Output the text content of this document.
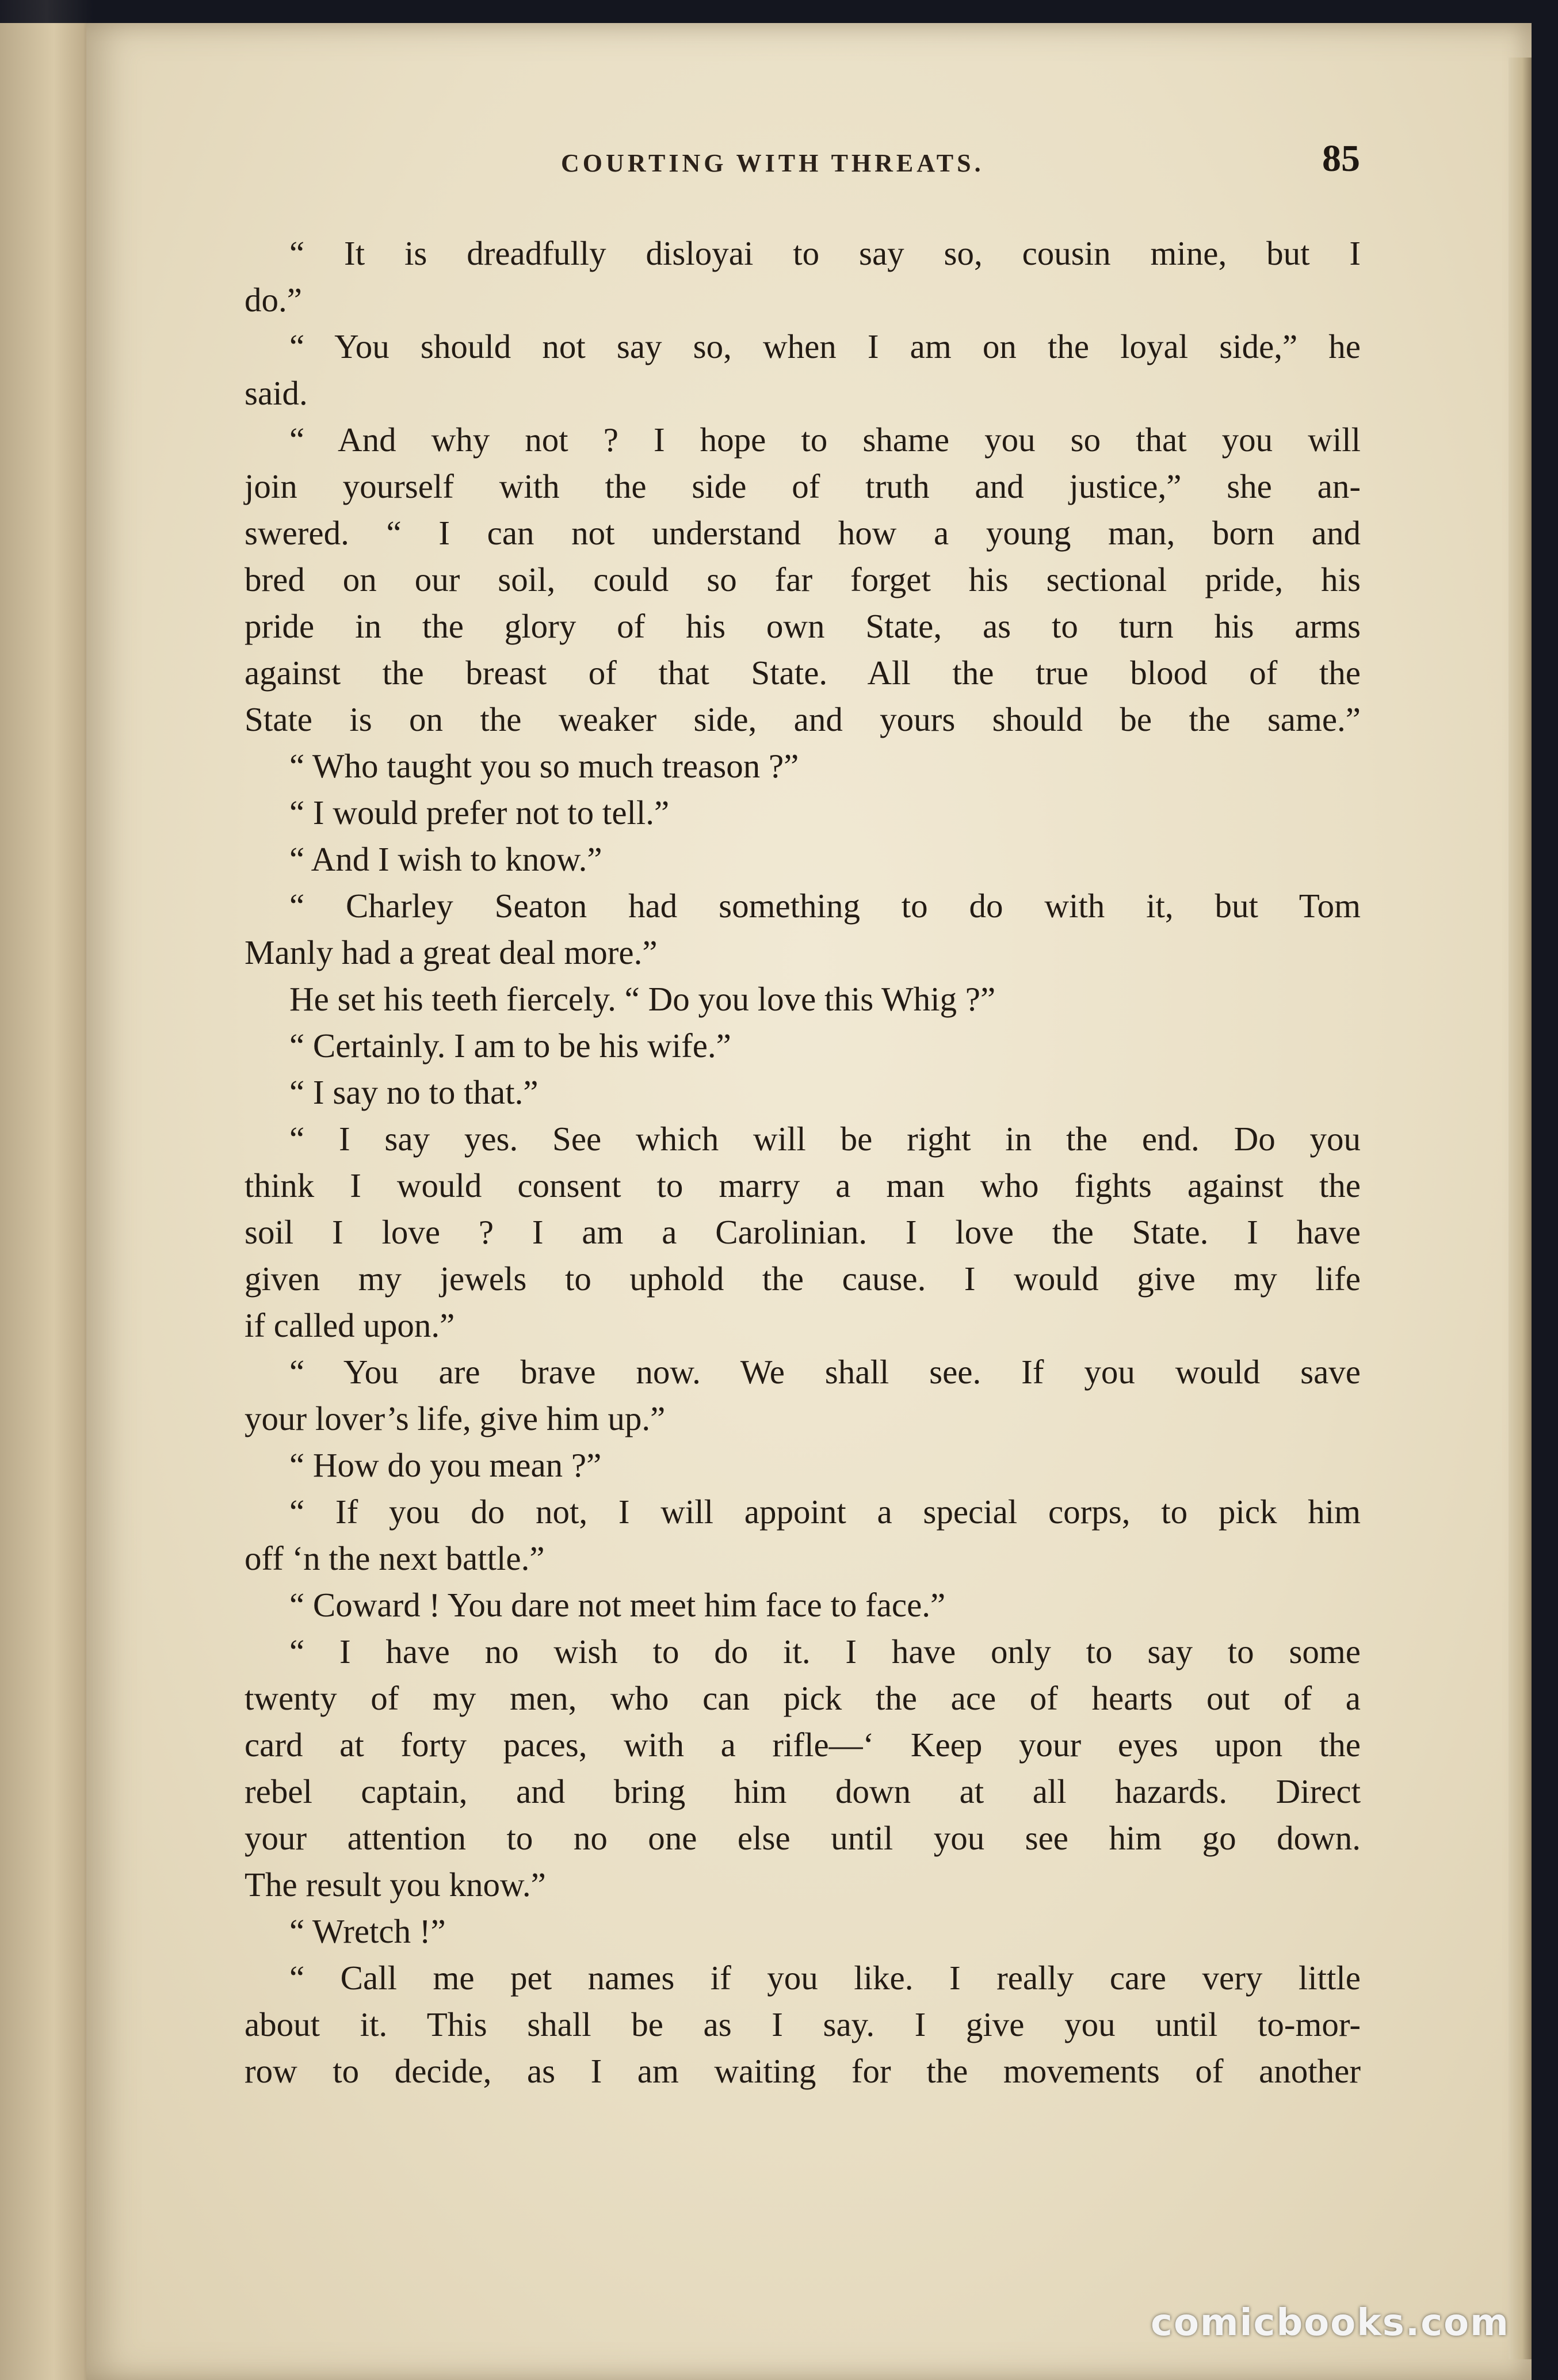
COURTING WITH THREATS.	85
“ It is dreadfully disloyai to say so, cousin mine, but I
do.”
“ You should not say so, when I am on the loyal side,” he
said.
“ And why not ? I hope to shame you so that you will
join yourself with the side of truth and justice,” she an-
swered. “ I can not understand how a young man, born and
bred on our soil, could so far forget his sectional pride, his
pride in the glory of his own State, as to turn his arms
against the breast of that State. All the true blood of the
State is on the weaker side, and yours should be the same.”
“ Who taught you so much treason ?”
“ I would prefer not to tell.”
“ And I wish to know.”
“ Charley Seaton had something to do with it, but Tom
Manly had a great deal more.”
He set his teeth fiercely. “ Do you love this Whig ?”
“ Certainly. I am to be his wife.”
“ I say no to that.”
“ I say yes. See which will be right in the end. Do you
think I would consent to marry a man who fights against the
soil I love ? I am a Carolinian. I love the State. I have
given my jewels to uphold the cause. I would give my life
if called upon.”
“ You are brave now. We shall see. If you would save
your lover’s life, give him up.”
“ How do you mean ?”
“ If you do not, I will appoint a special corps, to pick him
off ‘n the next battle.”
“ Coward ! You dare not meet him face to face.”
“ I have no wish to do it. I have only to say to some
twenty of my men, who can pick the ace of hearts out of a
card at forty paces, with a rifle—‘ Keep your eyes upon the
rebel captain, and bring him down at all hazards. Direct
your attention to no one else until you see him go down.
The result you know.”
“ Wretch !”
“ Call me pet names if you like. I really care very little
about it. This shall be as I say. I give you until to-mor-
row to decide, as I am waiting for the movements of another
comicbooks.com
